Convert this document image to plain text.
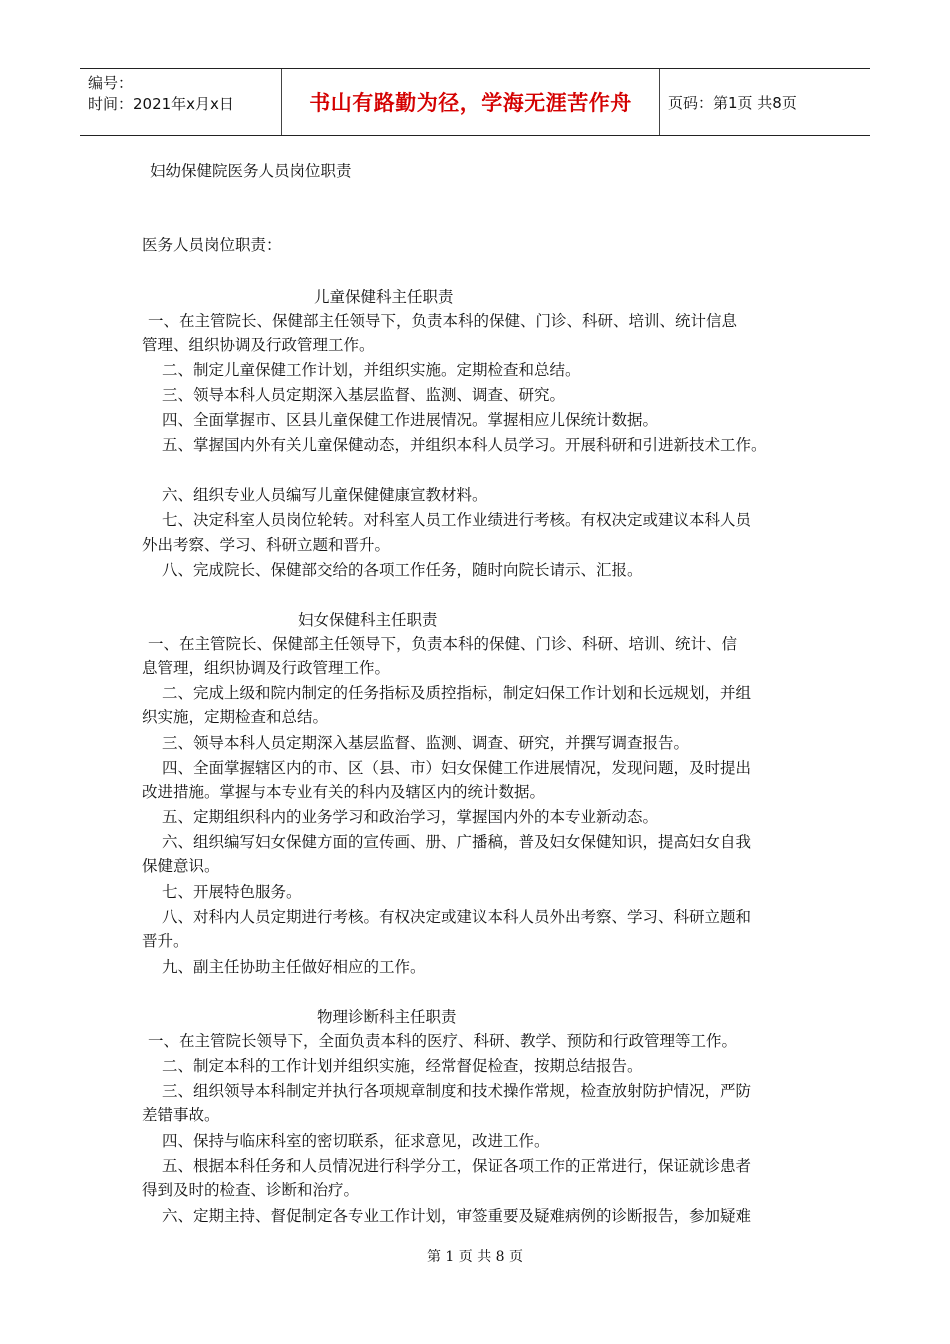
编号：
时间：2021年x月x日	书山有路勤为径，学海无涯苦作舟	页码：第1页 共8页
妇幼保健院医务人员岗位职责
医务人员岗位职责：
儿童保健科主任职责
一、在主管院长、保健部主任领导下，负责本科的保健、门诊、科研、培训、统计信息
管理、组织协调及行政管理工作。
二、制定儿童保健工作计划，并组织实施。定期检查和总结。
三、领导本科人员定期深入基层监督、监测、调查、研究。
四、全面掌握市、区县儿童保健工作进展情况。掌握相应儿保统计数据。
五、掌握国内外有关儿童保健动态，并组织本科人员学习。开展科研和引进新技术工作。
六、组织专业人员编写儿童保健健康宣教材料。
七、决定科室人员岗位轮转。对科室人员工作业绩进行考核。有权决定或建议本科人员
外出考察、学习、科研立题和晋升。
八、完成院长、保健部交给的各项工作任务，随时向院长请示、汇报。
妇女保健科主任职责
一、在主管院长、保健部主任领导下，负责本科的保健、门诊、科研、培训、统计、信
息管理，组织协调及行政管理工作。
二、完成上级和院内制定的任务指标及质控指标，制定妇保工作计划和长远规划，并组
织实施，定期检查和总结。
三、领导本科人员定期深入基层监督、监测、调查、研究，并撰写调查报告。
四、全面掌握辖区内的市、区（县、市）妇女保健工作进展情况，发现问题，及时提出
改进措施。掌握与本专业有关的科内及辖区内的统计数据。
五、定期组织科内的业务学习和政治学习，掌握国内外的本专业新动态。
六、组织编写妇女保健方面的宣传画、册、广播稿，普及妇女保健知识，提高妇女自我
保健意识。
七、开展特色服务。
八、对科内人员定期进行考核。有权决定或建议本科人员外出考察、学习、科研立题和
晋升。
九、副主任协助主任做好相应的工作。
物理诊断科主任职责
一、在主管院长领导下，全面负责本科的医疗、科研、教学、预防和行政管理等工作。
二、制定本科的工作计划并组织实施，经常督促检查，按期总结报告。
三、组织领导本科制定并执行各项规章制度和技术操作常规，检查放射防护情况，严防
差错事故。
四、保持与临床科室的密切联系，征求意见，改进工作。
五、根据本科任务和人员情况进行科学分工，保证各项工作的正常进行，保证就诊患者
得到及时的检查、诊断和治疗。
六、定期主持、督促制定各专业工作计划，审签重要及疑难病例的诊断报告，参加疑难
第 1 页 共 8 页
